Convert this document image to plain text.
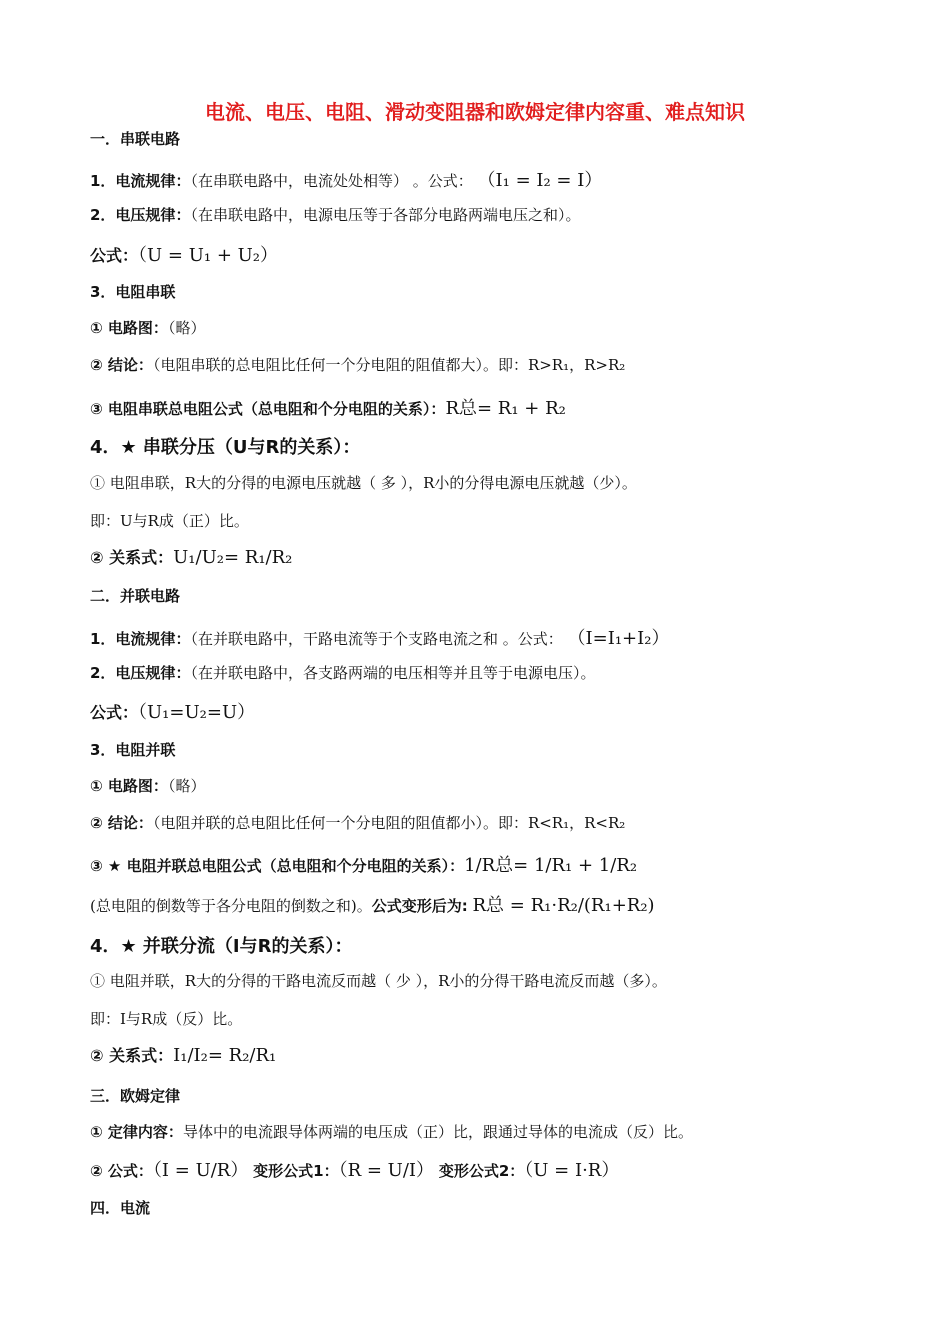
电流、电压、电阻、滑动变阻器和欧姆定律内容重、难点知识
一．串联电路
1．电流规律：（在串联电路中，电流处处相等） 。公式： （I₁ = I₂ = I）
2．电压规律：（在串联电路中，电源电压等于各部分电路两端电压之和）。
公式：（U = U₁ + U₂）
3．电阻串联
① 电路图：（略）
② 结论：（电阻串联的总电阻比任何一个分电阻的阻值都大）。即：R>R₁，R>R₂
③ 电阻串联总电阻公式（总电阻和个分电阻的关系）：R总= R₁ + R₂
4．★ 串联分压（U与R的关系）：
① 电阻串联，R大的分得的电源电压就越（ 多 ），R小的分得电源电压就越（少）。
即：U与R成（正）比。
② 关系式：U₁/U₂= R₁/R₂
二．并联电路
1．电流规律：（在并联电路中，干路电流等于个支路电流之和 。公式： （I=I₁+I₂）
2．电压规律：（在并联电路中，各支路两端的电压相等并且等于电源电压）。
公式：（U₁=U₂=U）
3．电阻并联
① 电路图：（略）
② 结论：（电阻并联的总电阻比任何一个分电阻的阻值都小）。即：R<R₁，R<R₂
③ ★ 电阻并联总电阻公式（总电阻和个分电阻的关系）：1/R总= 1/R₁ + 1/R₂
(总电阻的倒数等于各分电阻的倒数之和)。公式变形后为: R总 = R₁·R₂/(R₁+R₂)
4．★ 并联分流（I与R的关系）：
① 电阻并联，R大的分得的干路电流反而越（ 少 ），R小的分得干路电流反而越（多）。
即：I与R成（反）比。
② 关系式：I₁/I₂= R₂/R₁
三．欧姆定律
① 定律内容：导体中的电流跟导体两端的电压成（正）比，跟通过导体的电流成（反）比。
② 公式：（I = U/R） 变形公式1：（R = U/I） 变形公式2：（U = I·R）
四．电流
